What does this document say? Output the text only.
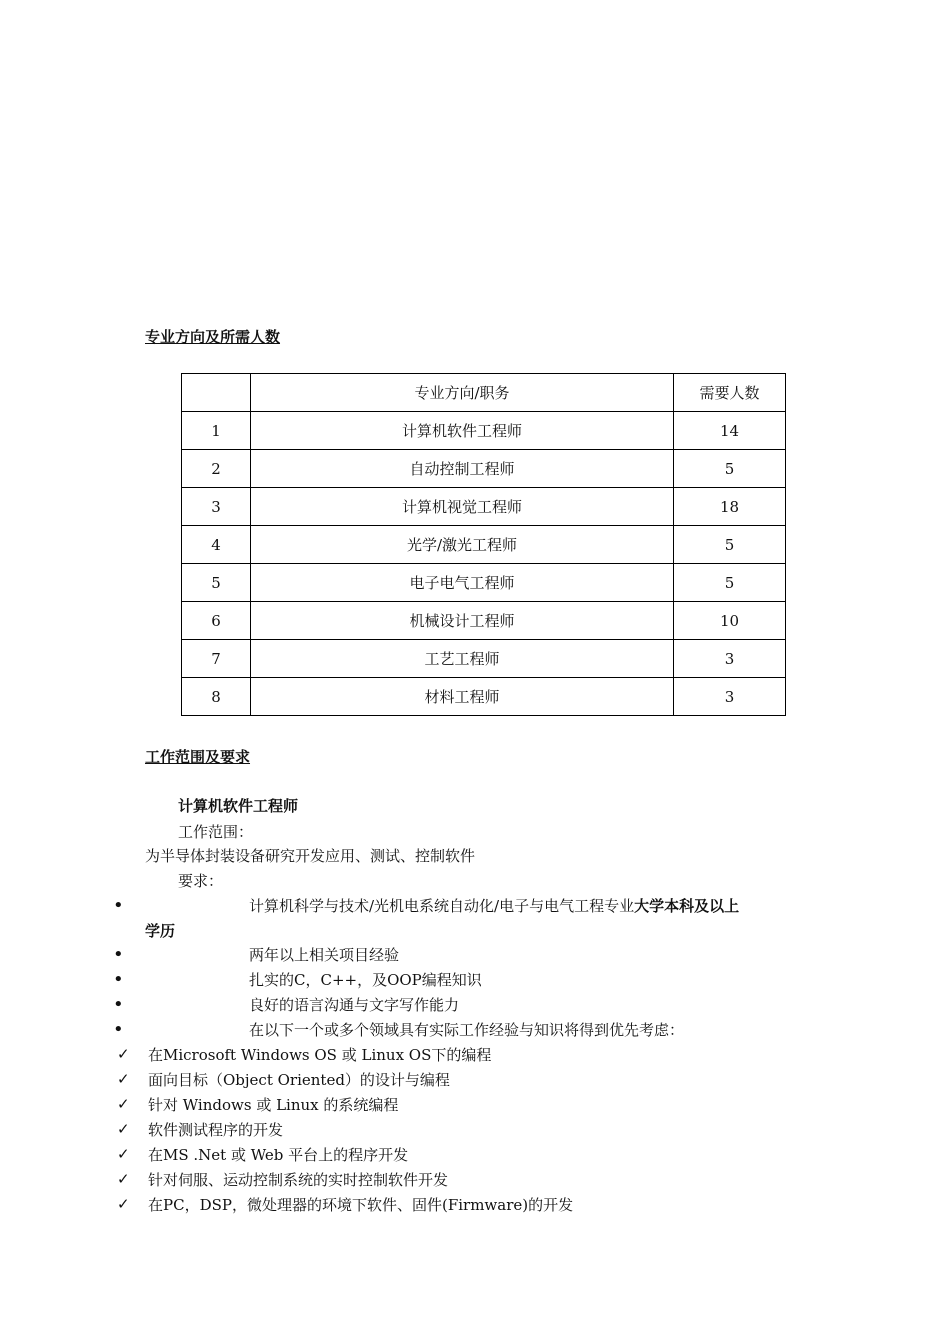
专业方向及所需人数
	专业方向/职务	需要人数
1	计算机软件工程师	14
2	自动控制工程师	5
3	计算机视觉工程师	18
4	光学/激光工程师	5
5	电子电气工程师	5
6	机械设计工程师	10
7	工艺工程师	3
8	材料工程师	3
工作范围及要求
计算机软件工程师
工作范围：
为半导体封装设备研究开发应用、测试、控制软件
要求：
•	计算机科学与技术/光机电系统自动化/电子与电气工程专业大学本科及以上
学历
•	两年以上相关项目经验
•	扎实的C，C++，及OOP编程知识
•	良好的语言沟通与文字写作能力
•	在以下一个或多个领域具有实际工作经验与知识将得到优先考虑：
✓ 在Microsoft Windows OS 或 Linux OS下的编程
✓ 面向目标（Object Oriented）的设计与编程
✓ 针对 Windows 或 Linux 的系统编程
✓ 软件测试程序的开发
✓ 在MS .Net 或 Web 平台上的程序开发
✓ 针对伺服、运动控制系统的实时控制软件开发
✓ 在PC，DSP，微处理器的环境下软件、固件(Firmware)的开发
